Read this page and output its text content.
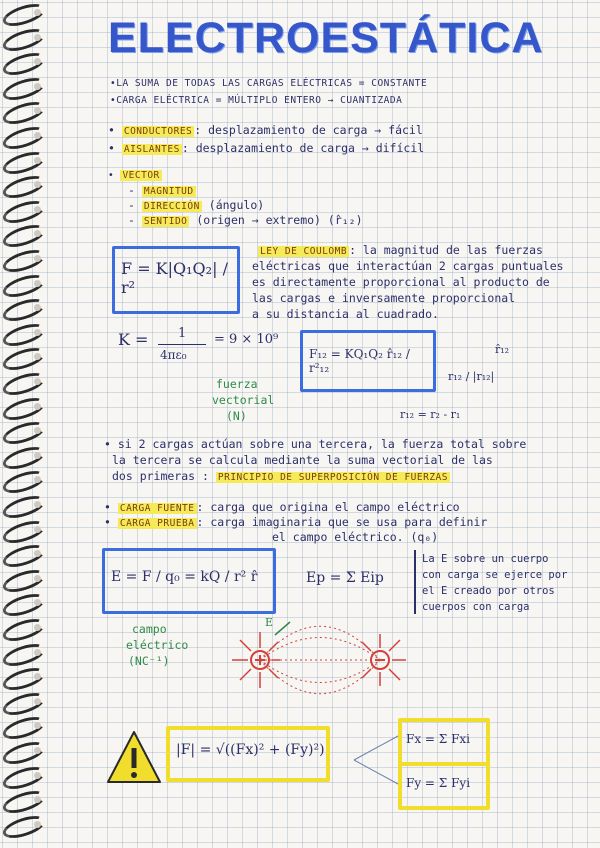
ELECTROESTÁTICA
•LA SUMA DE TODAS LAS CARGAS ELÉCTRICAS = CONSTANTE
•CARGA ELÉCTRICA = MÚLTIPLO ENTERO → CUANTIZADA
• CONDUCTORES : desplazamiento de carga → fácil
• AISLANTES : desplazamiento de carga → difícil
• VECTOR
- MAGNITUD
- DIRECCIÓN (ángulo)
- SENTIDO (origen → extremo) (r̂₁₂)
F = K|Q₁Q₂| / r²
LEY DE COULOMB : la magnitud de las fuerzas
eléctricas que interactúan 2 cargas puntuales
es directamente proporcional al producto de
las cargas e inversamente proporcional
a su distancia al cuadrado.
K = 1
4πε₀
= 9 × 10⁹
F₁₂ = KQ₁Q₂ r̂₁₂ / r²₁₂
r̂₁₂
r₁₂ / |r₁₂|
fuerza
vectorial
(N)	r₁₂ = r₂ - r₁
• si 2 cargas actúan sobre una tercera, la fuerza total sobre
la tercera se calcula mediante la suma vectorial de las
dos primeras : PRINCIPIO DE SUPERPOSICIÓN DE FUERZAS
• CARGA FUENTE : carga que origina el campo eléctrico
• CARGA PRUEBA : carga imaginaria que se usa para definir
el campo eléctrico. (q₀)
E = F / q₀ = kQ / r² r̂	Ep = Σ Eip
La E sobre un cuerpo
con carga se ejerce por
el E creado por otros
cuerpos con carga
campo
eléctrico
(NC⁻¹)
E
|F| = √((Fx)² + (Fy)²)
Fx = Σ Fxi
Fy = Σ Fyi
